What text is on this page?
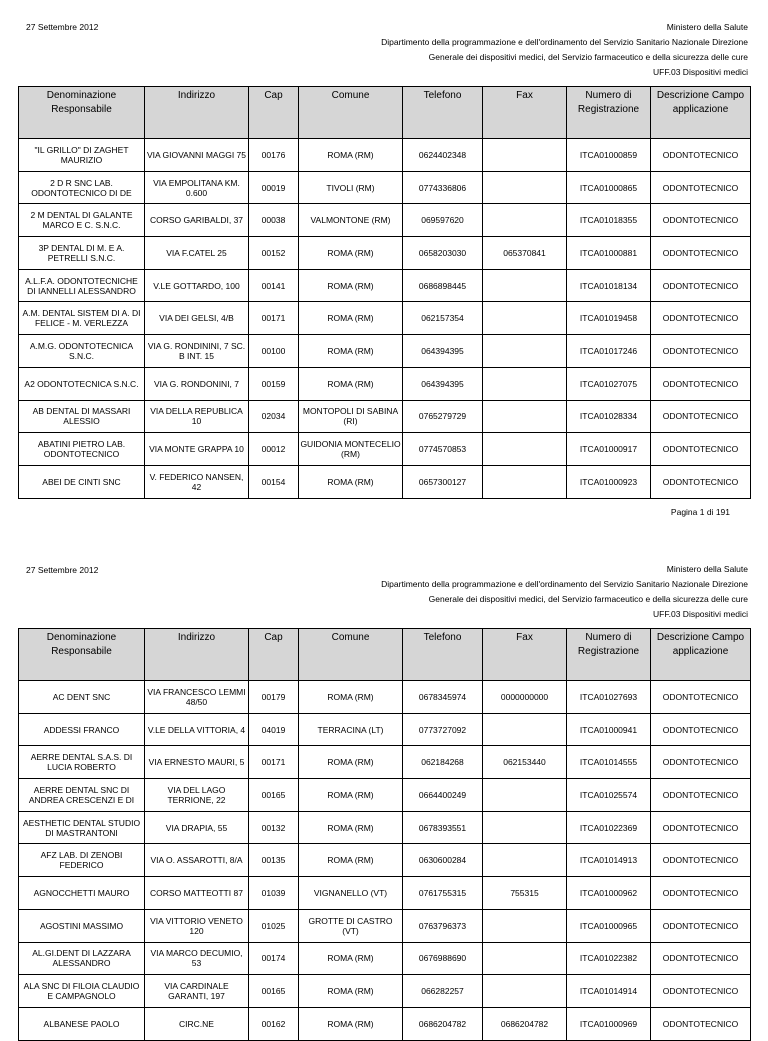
27 Settembre 2012	Ministero della Salute
Dipartimento della programmazione e dell'ordinamento del Servizio Sanitario Nazionale Direzione
Generale dei dispositivi medici, del Servizio farmaceutico e della sicurezza delle cure
UFF.03 Dispositivi medici
Denominazione Responsabile	Indirizzo	Cap	Comune	Telefono	Fax	Numero di Registrazione	Descrizione Campo applicazione
"IL GRILLO" DI ZAGHET MAURIZIO	VIA GIOVANNI MAGGI 75	00176	ROMA (RM)	0624402348		ITCA01000859	ODONTOTECNICO
2 D R SNC LAB. ODONTOTECNICO DI DE	VIA EMPOLITANA KM. 0.600	00019	TIVOLI (RM)	0774336806		ITCA01000865	ODONTOTECNICO
2 M DENTAL DI GALANTE MARCO E C. S.N.C.	CORSO GARIBALDI, 37	00038	VALMONTONE (RM)	069597620		ITCA01018355	ODONTOTECNICO
3P DENTAL DI M. E A. PETRELLI S.N.C.	VIA F.CATEL 25	00152	ROMA (RM)	0658203030	065370841	ITCA01000881	ODONTOTECNICO
A.L.F.A. ODONTOTECNICHE DI IANNELLI ALESSANDRO	V.LE GOTTARDO, 100	00141	ROMA (RM)	0686898445		ITCA01018134	ODONTOTECNICO
A.M. DENTAL SISTEM DI A. DI FELICE - M. VERLEZZA	VIA DEI GELSI, 4/B	00171	ROMA (RM)	062157354		ITCA01019458	ODONTOTECNICO
A.M.G. ODONTOTECNICA S.N.C.	VIA G. RONDININI, 7 SC. B INT. 15	00100	ROMA (RM)	064394395		ITCA01017246	ODONTOTECNICO
A2 ODONTOTECNICA S.N.C.	VIA G. RONDONINI, 7	00159	ROMA (RM)	064394395		ITCA01027075	ODONTOTECNICO
AB DENTAL DI MASSARI ALESSIO	VIA DELLA REPUBLICA 10	02034	MONTOPOLI DI SABINA (RI)	0765279729		ITCA01028334	ODONTOTECNICO
ABATINI PIETRO LAB. ODONTOTECNICO	VIA MONTE GRAPPA 10	00012	GUIDONIA MONTECELIO (RM)	0774570853		ITCA01000917	ODONTOTECNICO
ABEI DE CINTI SNC	V. FEDERICO NANSEN, 42	00154	ROMA (RM)	0657300127		ITCA01000923	ODONTOTECNICO
Pagina 1 di 191
27 Settembre 2012	Ministero della Salute
Dipartimento della programmazione e dell'ordinamento del Servizio Sanitario Nazionale Direzione
Generale dei dispositivi medici, del Servizio farmaceutico e della sicurezza delle cure
UFF.03 Dispositivi medici
Denominazione Responsabile	Indirizzo	Cap	Comune	Telefono	Fax	Numero di Registrazione	Descrizione Campo applicazione
AC DENT SNC	VIA FRANCESCO LEMMI 48/50	00179	ROMA (RM)	0678345974	0000000000	ITCA01027693	ODONTOTECNICO
ADDESSI FRANCO	V.LE DELLA VITTORIA, 4	04019	TERRACINA (LT)	0773727092		ITCA01000941	ODONTOTECNICO
AERRE DENTAL S.A.S. DI LUCIA ROBERTO	VIA ERNESTO MAURI, 5	00171	ROMA (RM)	062184268	062153440	ITCA01014555	ODONTOTECNICO
AERRE DENTAL SNC DI ANDREA CRESCENZI E DI	VIA DEL LAGO TERRIONE, 22	00165	ROMA (RM)	0664400249		ITCA01025574	ODONTOTECNICO
AESTHETIC DENTAL STUDIO DI MASTRANTONI	VIA DRAPIA, 55	00132	ROMA (RM)	0678393551		ITCA01022369	ODONTOTECNICO
AFZ LAB. DI ZENOBI FEDERICO	VIA O. ASSAROTTI, 8/A	00135	ROMA (RM)	0630600284		ITCA01014913	ODONTOTECNICO
AGNOCCHETTI MAURO	CORSO MATTEOTTI 87	01039	VIGNANELLO (VT)	0761755315	755315	ITCA01000962	ODONTOTECNICO
AGOSTINI MASSIMO	VIA VITTORIO VENETO 120	01025	GROTTE DI CASTRO (VT)	0763796373		ITCA01000965	ODONTOTECNICO
AL.GI.DENT DI LAZZARA ALESSANDRO	VIA MARCO DECUMIO, 53	00174	ROMA (RM)	0676988690		ITCA01022382	ODONTOTECNICO
ALA SNC DI FILOIA CLAUDIO E CAMPAGNOLO	VIA CARDINALE GARANTI, 197	00165	ROMA (RM)	066282257		ITCA01014914	ODONTOTECNICO
ALBANESE PAOLO	CIRC.NE	00162	ROMA (RM)	0686204782	0686204782	ITCA01000969	ODONTOTECNICO
